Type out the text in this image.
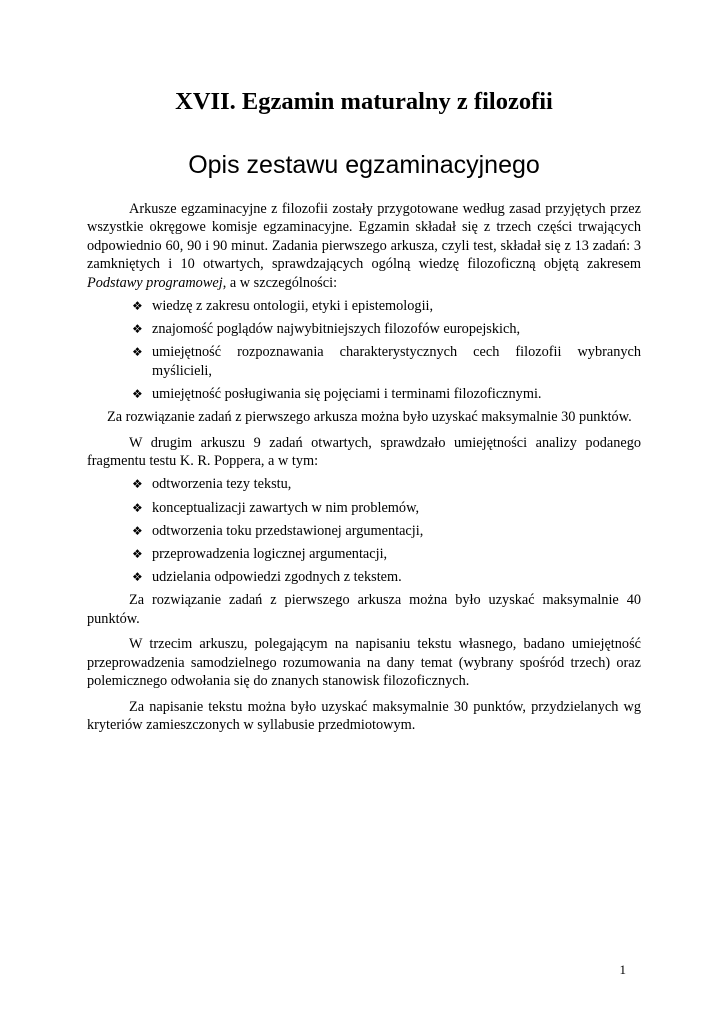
XVII. Egzamin maturalny z filozofii
Opis zestawu egzaminacyjnego

Arkusze egzaminacyjne z filozofii zostały przygotowane według zasad przyjętych przez wszystkie okręgowe komisje egzaminacyjne. Egzamin składał się z trzech części trwających odpowiednio 60, 90 i 90 minut. Zadania pierwszego arkusza, czyli test, składał się z 13 zadań: 3 zamkniętych i 10 otwartych, sprawdzających ogólną wiedzę filozoficzną objętą zakresem Podstawy programowej, a w szczególności:

❖ wiedzę z zakresu ontologii, etyki i epistemologii,
❖ znajomość poglądów najwybitniejszych filozofów europejskich,
❖ umiejętność rozpoznawania charakterystycznych cech filozofii wybranych myślicieli,
❖ umiejętność posługiwania się pojęciami i terminami filozoficznymi.

Za rozwiązanie zadań z pierwszego arkusza można było uzyskać maksymalnie 30 punktów.

W drugim arkuszu 9 zadań otwartych, sprawdzało umiejętności analizy podanego fragmentu testu K. R. Poppera, a w tym:

❖ odtworzenia tezy tekstu,
❖ konceptualizacji zawartych w nim problemów,
❖ odtworzenia toku przedstawionej argumentacji,
❖ przeprowadzenia logicznej argumentacji,
❖ udzielania odpowiedzi zgodnych z tekstem.

Za rozwiązanie zadań z pierwszego arkusza można było uzyskać maksymalnie 40 punktów.

W trzecim arkuszu, polegającym na napisaniu tekstu własnego, badano umiejętność przeprowadzenia samodzielnego rozumowania na dany temat (wybrany spośród trzech) oraz polemicznego odwołania się do znanych stanowisk filozoficznych.

Za napisanie tekstu można było uzyskać maksymalnie 30 punktów, przydzielanych wg kryteriów zamieszczonych w syllabusie przedmiotowym.

1
